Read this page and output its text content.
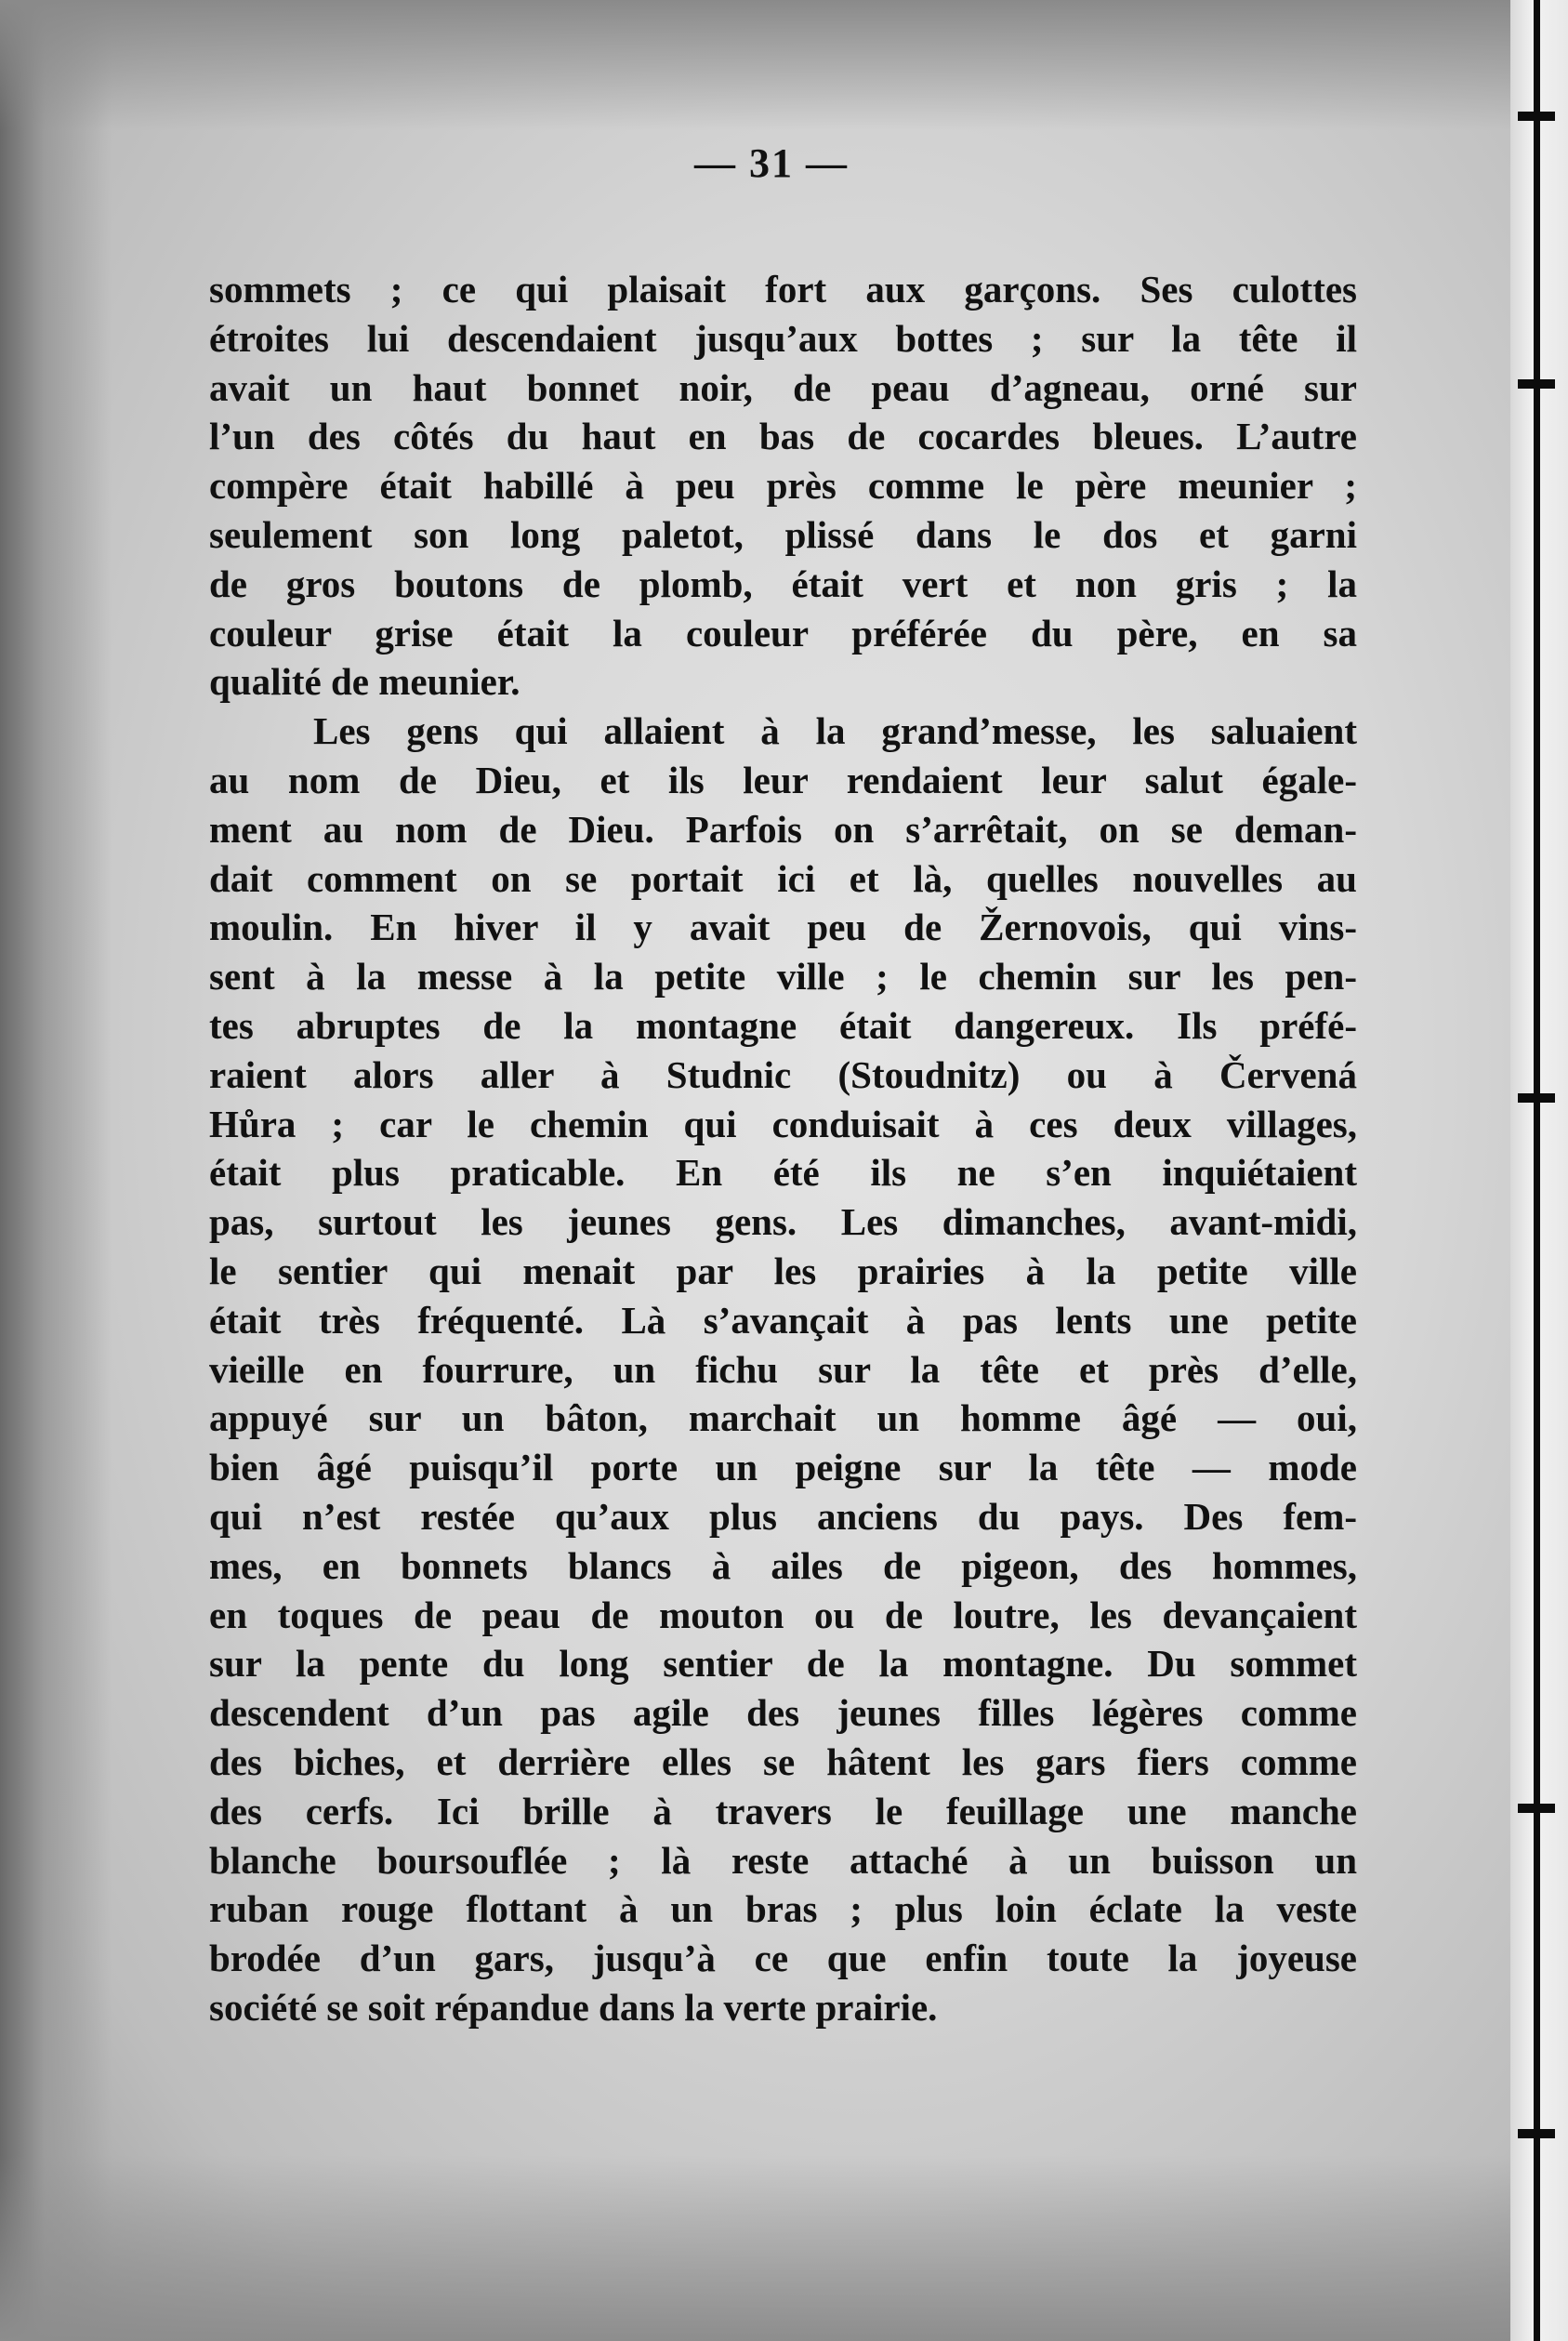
— 31 —
sommets ; ce qui plaisait fort aux garçons. Ses culottes
étroites lui descendaient jusqu’aux bottes ; sur la tête il
avait un haut bonnet noir, de peau d’agneau, orné sur
l’un des côtés du haut en bas de cocardes bleues. L’autre
compère était habillé à peu près comme le père meunier ;
seulement son long paletot, plissé dans le dos et garni
de gros boutons de plomb, était vert et non gris ; la
couleur grise était la couleur préférée du père, en sa
qualité de meunier.
Les gens qui allaient à la grand’messe, les saluaient
au nom de Dieu, et ils leur rendaient leur salut égale-
ment au nom de Dieu. Parfois on s’arrêtait, on se deman-
dait comment on se portait ici et là, quelles nouvelles au
moulin. En hiver il y avait peu de Žernovois, qui vins-
sent à la messe à la petite ville ; le chemin sur les pen-
tes abruptes de la montagne était dangereux. Ils préfé-
raient alors aller à Studnic (Stoudnitz) ou à Červená
Hůra ; car le chemin qui conduisait à ces deux villages,
était plus praticable. En été ils ne s’en inquiétaient
pas, surtout les jeunes gens. Les dimanches, avant-midi,
le sentier qui menait par les prairies à la petite ville
était très fréquenté. Là s’avançait à pas lents une petite
vieille en fourrure, un fichu sur la tête et près d’elle,
appuyé sur un bâton, marchait un homme âgé — oui,
bien âgé puisqu’il porte un peigne sur la tête — mode
qui n’est restée qu’aux plus anciens du pays. Des fem-
mes, en bonnets blancs à ailes de pigeon, des hommes,
en toques de peau de mouton ou de loutre, les devançaient
sur la pente du long sentier de la montagne. Du sommet
descendent d’un pas agile des jeunes filles légères comme
des biches, et derrière elles se hâtent les gars fiers comme
des cerfs. Ici brille à travers le feuillage une manche
blanche boursouflée ; là reste attaché à un buisson un
ruban rouge flottant à un bras ; plus loin éclate la veste
brodée d’un gars, jusqu’à ce que enfin toute la joyeuse
société se soit répandue dans la verte prairie.
